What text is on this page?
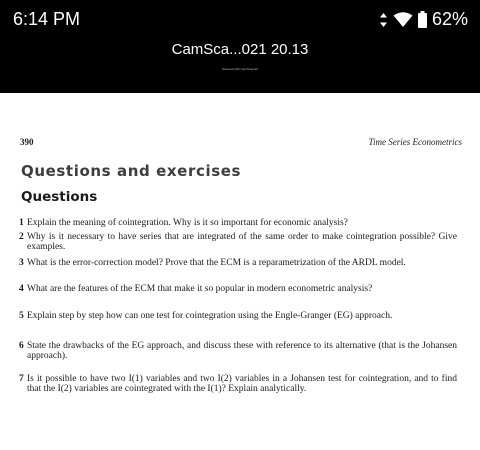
6:14 PM	62%
CamSca...021 20.13
Scanned with CamScanner
390	Time Series Econometrics
Questions and exercises
Questions
1 Explain the meaning of cointegration. Why is it so important for economic analysis?
2 Why is it necessary to have series that are integrated of the same order to make cointegration possible? Give examples.
3 What is the error-correction model? Prove that the ECM is a reparametrization of the ARDL model.
4 What are the features of the ECM that make it so popular in modern econometric analysis?
5 Explain step by step how can one test for cointegration using the Engle-Granger (EG) approach.
6 State the drawbacks of the EG approach, and discuss these with reference to its alternative (that is the Johansen approach).
7 Is it possible to have two I(1) variables and two I(2) variables in a Johansen test for cointegration, and to find that the I(2) variables are cointegrated with the I(1)? Explain analytically.
